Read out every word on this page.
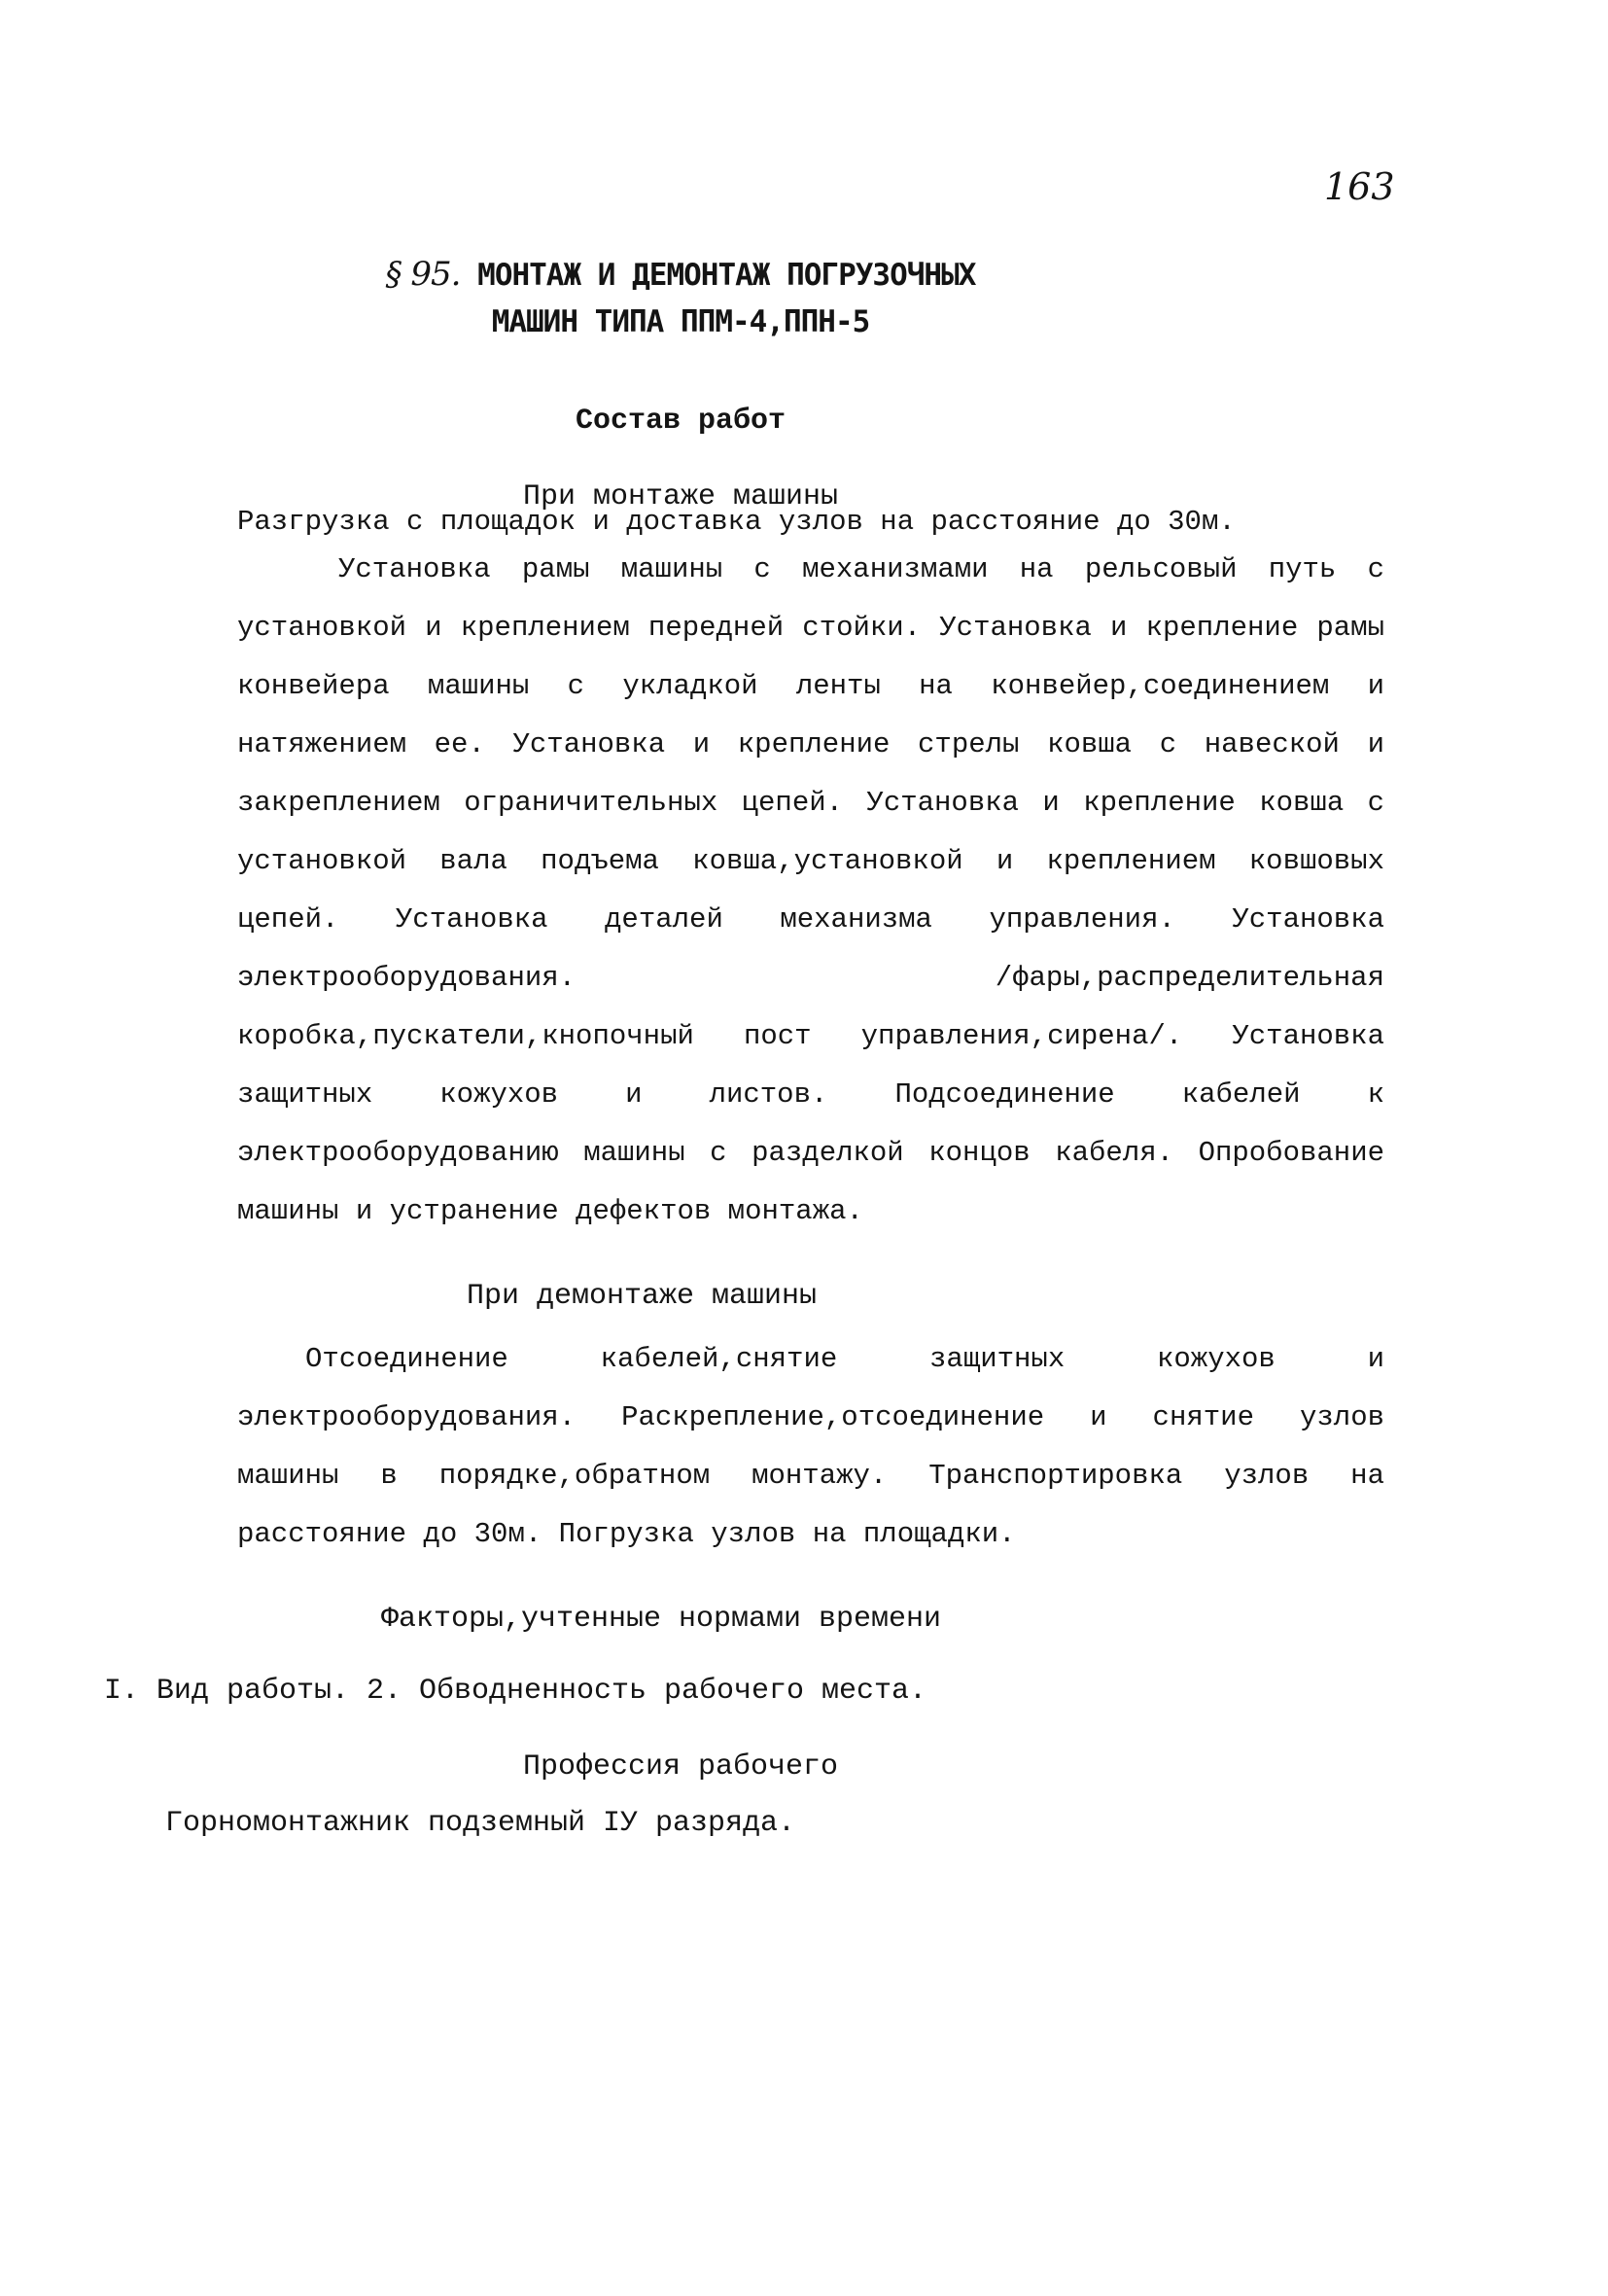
163
§ 95. МОНТАЖ И ДЕМОНТАЖ ПОГРУЗОЧНЫХ
МАШИН ТИПА ППМ-4,ППН-5
Состав работ
При монтаже машины
Разгрузка с площадок и доставка узлов на расстояние до 30м.
Установка рамы машины с механизмами на рельсовый путь с установкой и креплением передней стойки. Установка и крепление рамы конвейера машины с укладкой ленты на конвейер,соединением и натяжением ее. Установка и крепление стрелы ковша с навеской и закреплением ограничительных цепей. Установка и крепление ковша с установкой вала подъема ковша,установкой и креплением ковшовых цепей. Установка деталей механизма управления. Установка электрооборудования. /фары,распределительная коробка,пускатели,кнопочный пост управления,сирена/. Установка защитных кожухов и листов. Подсоединение кабелей к электрооборудованию машины с разделкой концов кабеля. Опробование машины и устранение дефектов монтажа.
При демонтаже машины
Отсоединение кабелей,снятие защитных кожухов и электрооборудования. Раскрепление,отсоединение и снятие узлов машины в порядке,обратном монтажу. Транспортировка узлов на расстояние до 30м. Погрузка узлов на площадки.
Факторы,учтенные нормами времени
I. Вид работы. 2. Обводненность рабочего места.
Профессия рабочего
Горномонтажник подземный IУ разряда.
